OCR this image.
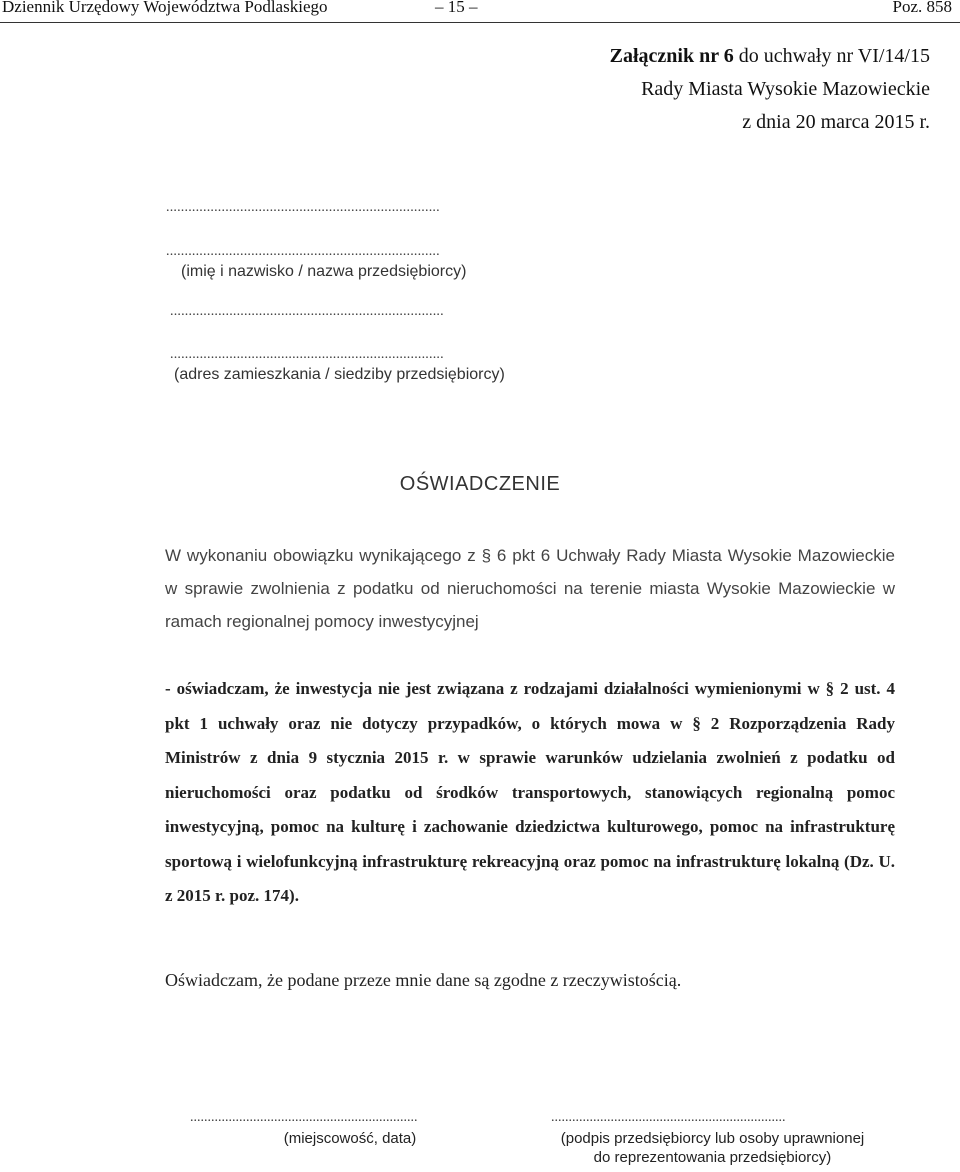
Dziennik Urzędowy Województwa Podlaskiego	– 15 –	Poz. 858
Załącznik nr 6 do uchwały nr VI/14/15
Rady Miasta Wysokie Mazowieckie
z dnia 20 marca 2015 r.
..........................................................................
..........................................................................
(imię i nazwisko / nazwa przedsiębiorcy)
..........................................................................
..........................................................................
(adres zamieszkania / siedziby przedsiębiorcy)
OŚWIADCZENIE
W wykonaniu obowiązku wynikającego z § 6 pkt 6 Uchwały Rady Miasta Wysokie Mazowieckie w sprawie zwolnienia z podatku od nieruchomości na terenie miasta Wysokie Mazowieckie w ramach regionalnej pomocy inwestycyjnej
- oświadczam, że inwestycja nie jest związana z rodzajami działalności wymienionymi w § 2 ust. 4 pkt 1 uchwały oraz nie dotyczy przypadków, o których mowa w § 2 Rozporządzenia Rady Ministrów z dnia 9 stycznia 2015 r. w sprawie warunków udzielania zwolnień z podatku od nieruchomości oraz podatku od środków transportowych, stanowiących regionalną pomoc inwestycyjną, pomoc na kulturę i zachowanie dziedzictwa kulturowego, pomoc na infrastrukturę sportową i wielofunkcyjną infrastrukturę rekreacyjną oraz pomoc na infrastrukturę lokalną (Dz. U. z 2015 r. poz. 174).
Oświadczam, że podane przeze mnie dane są zgodne z rzeczywistością.
.................................................................
(miejscowość, data)
...................................................................
(podpis przedsiębiorcy lub osoby uprawnionej
do reprezentowania przedsiębiorcy)
